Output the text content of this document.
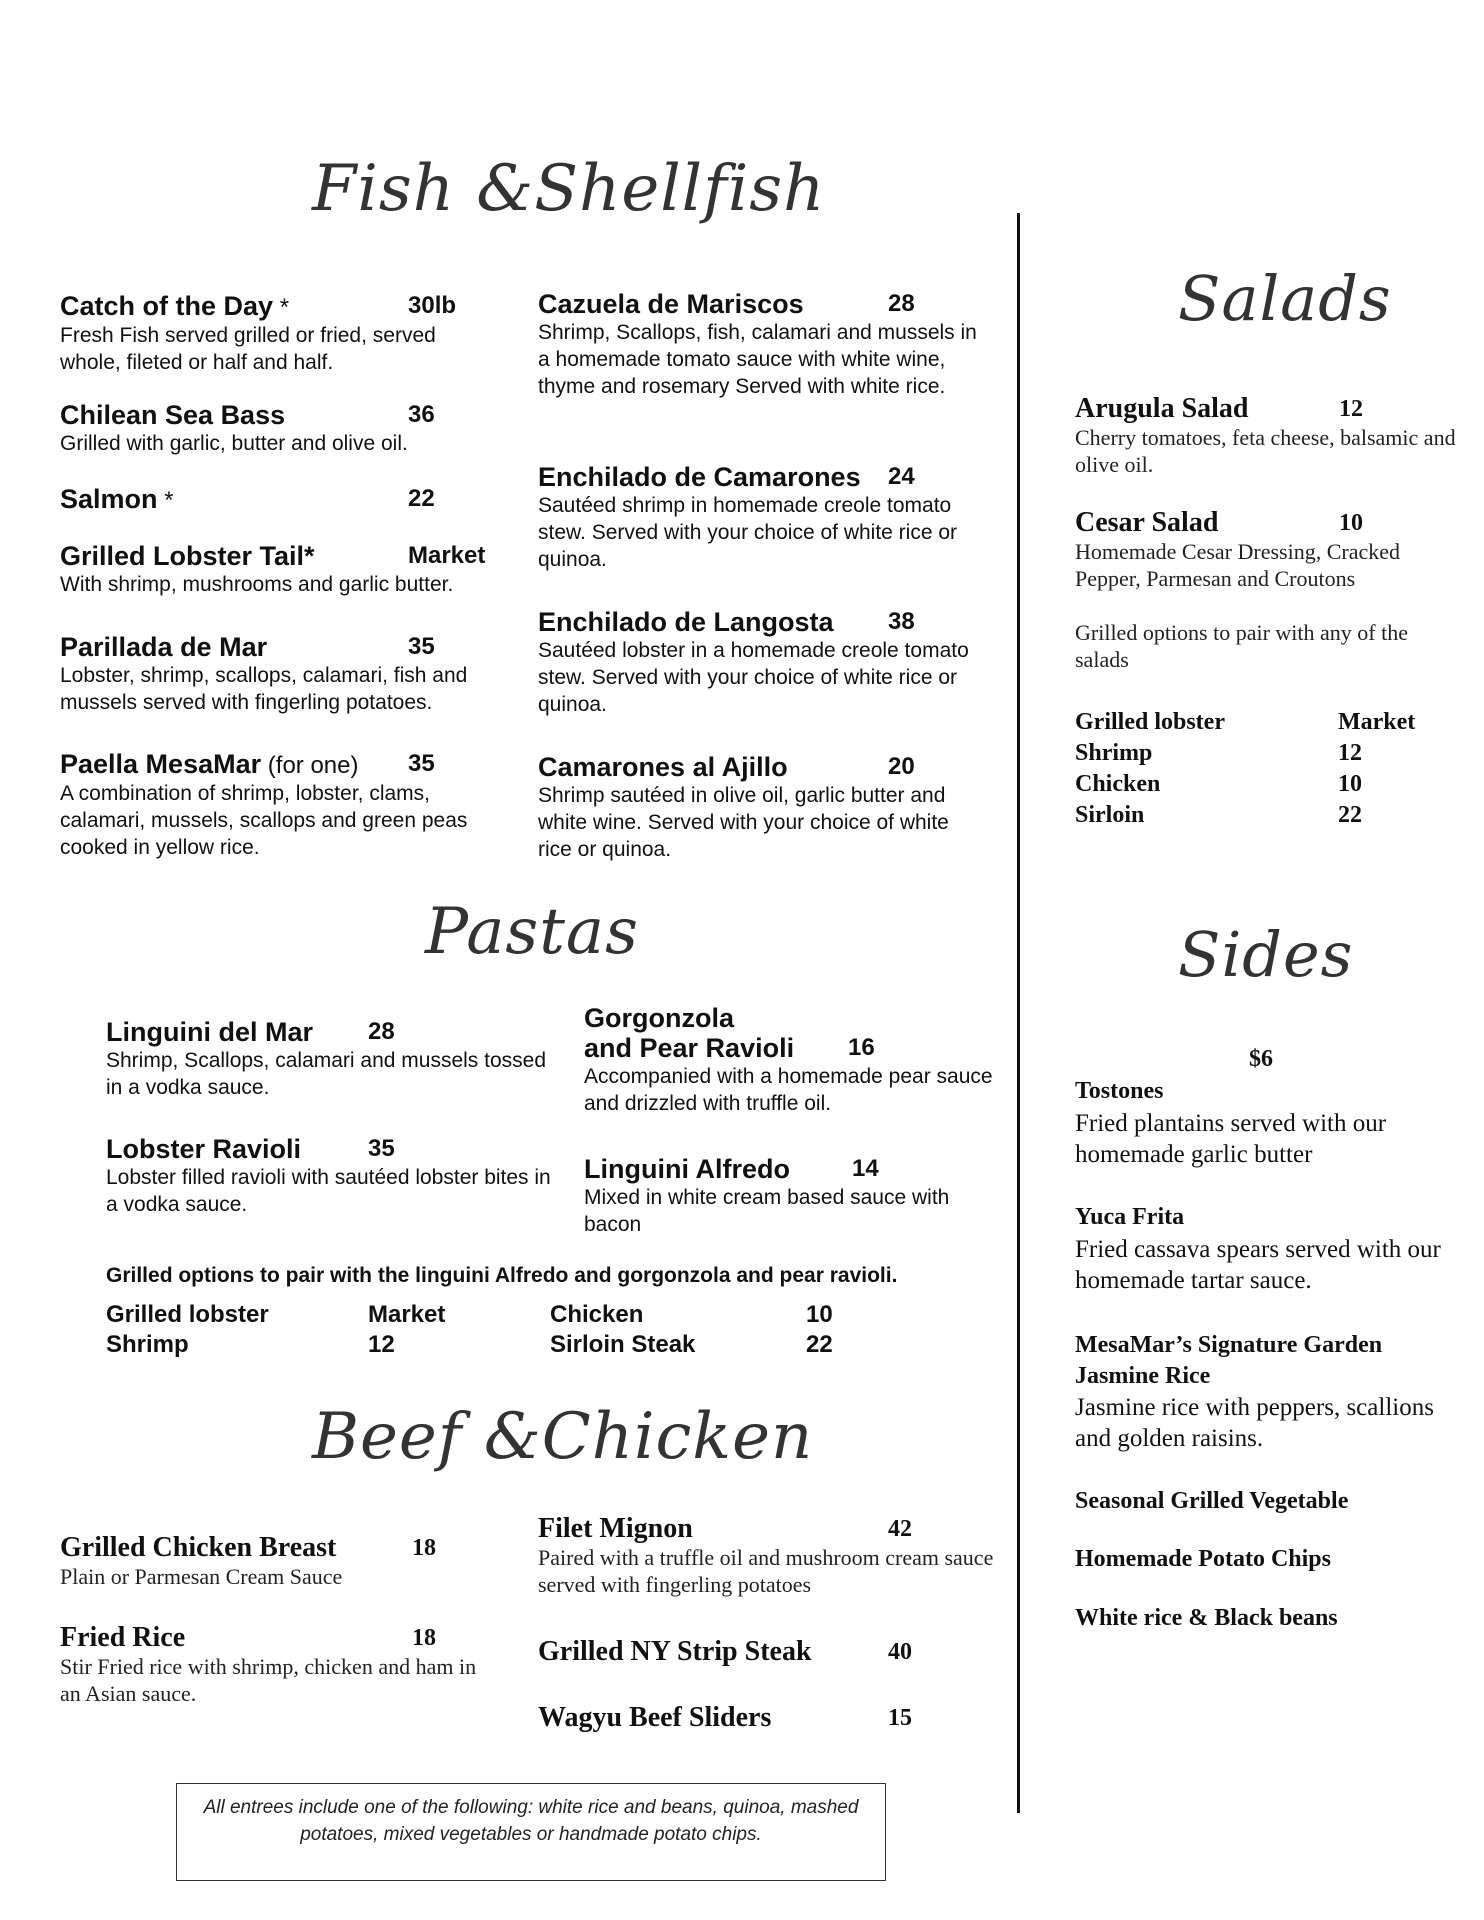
Fish &Shellfish
Pastas
Beef &Chicken
Salads
Sides
Catch of the Day *	30lb
Fresh Fish served grilled or fried, served whole, fileted or half and half.
Chilean Sea Bass	36
Grilled with garlic, butter and olive oil.
Salmon *	22
Grilled Lobster Tail*	Market
With shrimp, mushrooms and garlic butter.
Parillada de Mar	35
Lobster, shrimp, scallops, calamari, fish and mussels served with fingerling potatoes.
Paella MesaMar (for one)	35
A combination of shrimp, lobster, clams, calamari, mussels, scallops and green peas cooked in yellow rice.
Cazuela de Mariscos	28
Shrimp, Scallops, fish, calamari and mussels in a homemade tomato sauce with white wine, thyme and rosemary Served with white rice.
Enchilado de Camarones	24
Sautéed shrimp in homemade creole tomato stew. Served with your choice of white rice or quinoa.
Enchilado de Langosta	38
Sautéed lobster in a homemade creole tomato stew. Served with your choice of white rice or quinoa.
Camarones al Ajillo	20
Shrimp sautéed in olive oil, garlic butter and white wine. Served with your choice of white rice or quinoa.
Linguini del Mar	28
Shrimp, Scallops, calamari and mussels tossed in a vodka sauce.
Lobster Ravioli	35
Lobster filled ravioli with sautéed lobster bites in a vodka sauce.
Gorgonzola
and Pear Ravioli 16
Accompanied with a homemade pear sauce and drizzled with truffle oil.
Linguini Alfredo	14
Mixed in white cream based sauce with bacon
Grilled options to pair with the linguini Alfredo and gorgonzola and pear ravioli.
Grilled lobster	Market
Shrimp	12
Chicken	10
Sirloin Steak	22
Grilled Chicken Breast	18
Plain or Parmesan Cream Sauce
Fried Rice	18
Stir Fried rice with shrimp, chicken and ham in an Asian sauce.
Filet Mignon	42
Paired with a truffle oil and mushroom cream sauce served with fingerling potatoes
Grilled NY Strip Steak	40
Wagyu Beef Sliders	15
Arugula Salad	12
Cherry tomatoes, feta cheese, balsamic and olive oil.
Cesar Salad	10
Homemade Cesar Dressing, Cracked Pepper, Parmesan and Croutons
Grilled options to pair with any of the salads
Grilled lobster	Market
Shrimp	12
Chicken	10
Sirloin	22
$6
Tostones
Fried plantains served with our homemade garlic butter
Yuca Frita
Fried cassava spears served with our homemade tartar sauce.
MesaMar’s Signature Garden Jasmine Rice
Jasmine rice with peppers, scallions and golden raisins.
Seasonal Grilled Vegetable
Homemade Potato Chips
White rice & Black beans
All entrees include one of the following: white rice and beans, quinoa, mashed potatoes, mixed vegetables or handmade potato chips.
